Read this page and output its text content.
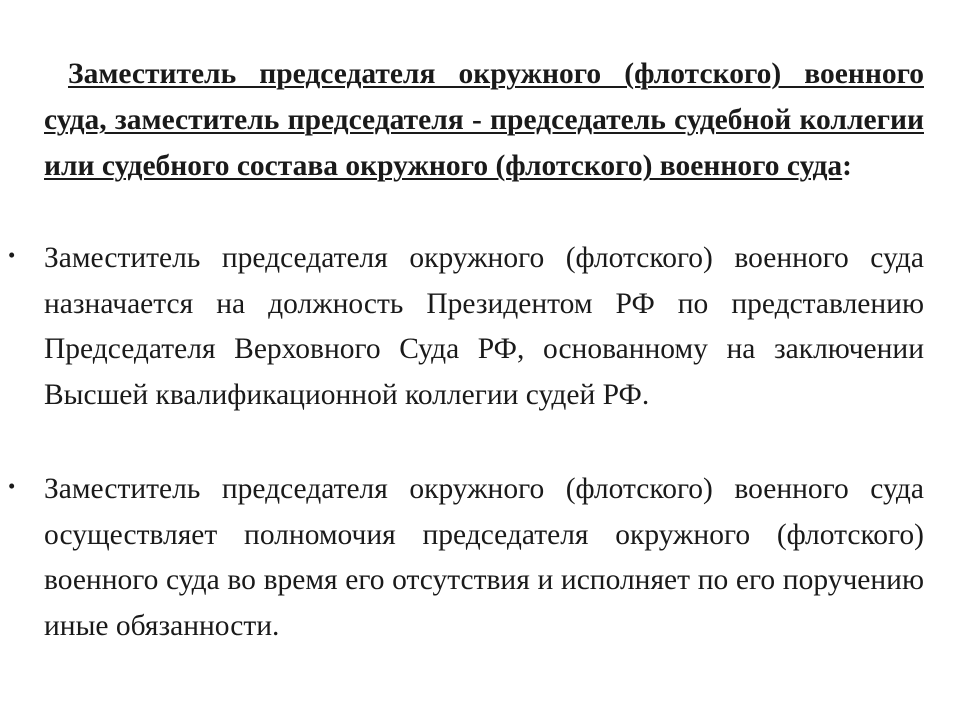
Заместитель председателя окружного (флотского) военного суда, заместитель председателя - председатель судебной коллегии или судебного состава окружного (флотского) военного суда:

• Заместитель председателя окружного (флотского) военного суда назначается на должность Президентом РФ по представлению Председателя Верховного Суда РФ, основанному на заключении Высшей квалификационной коллегии судей РФ.

• Заместитель председателя окружного (флотского) военного суда осуществляет полномочия председателя окружного (флотского) военного суда во время его отсутствия и исполняет по его поручению иные обязанности.
